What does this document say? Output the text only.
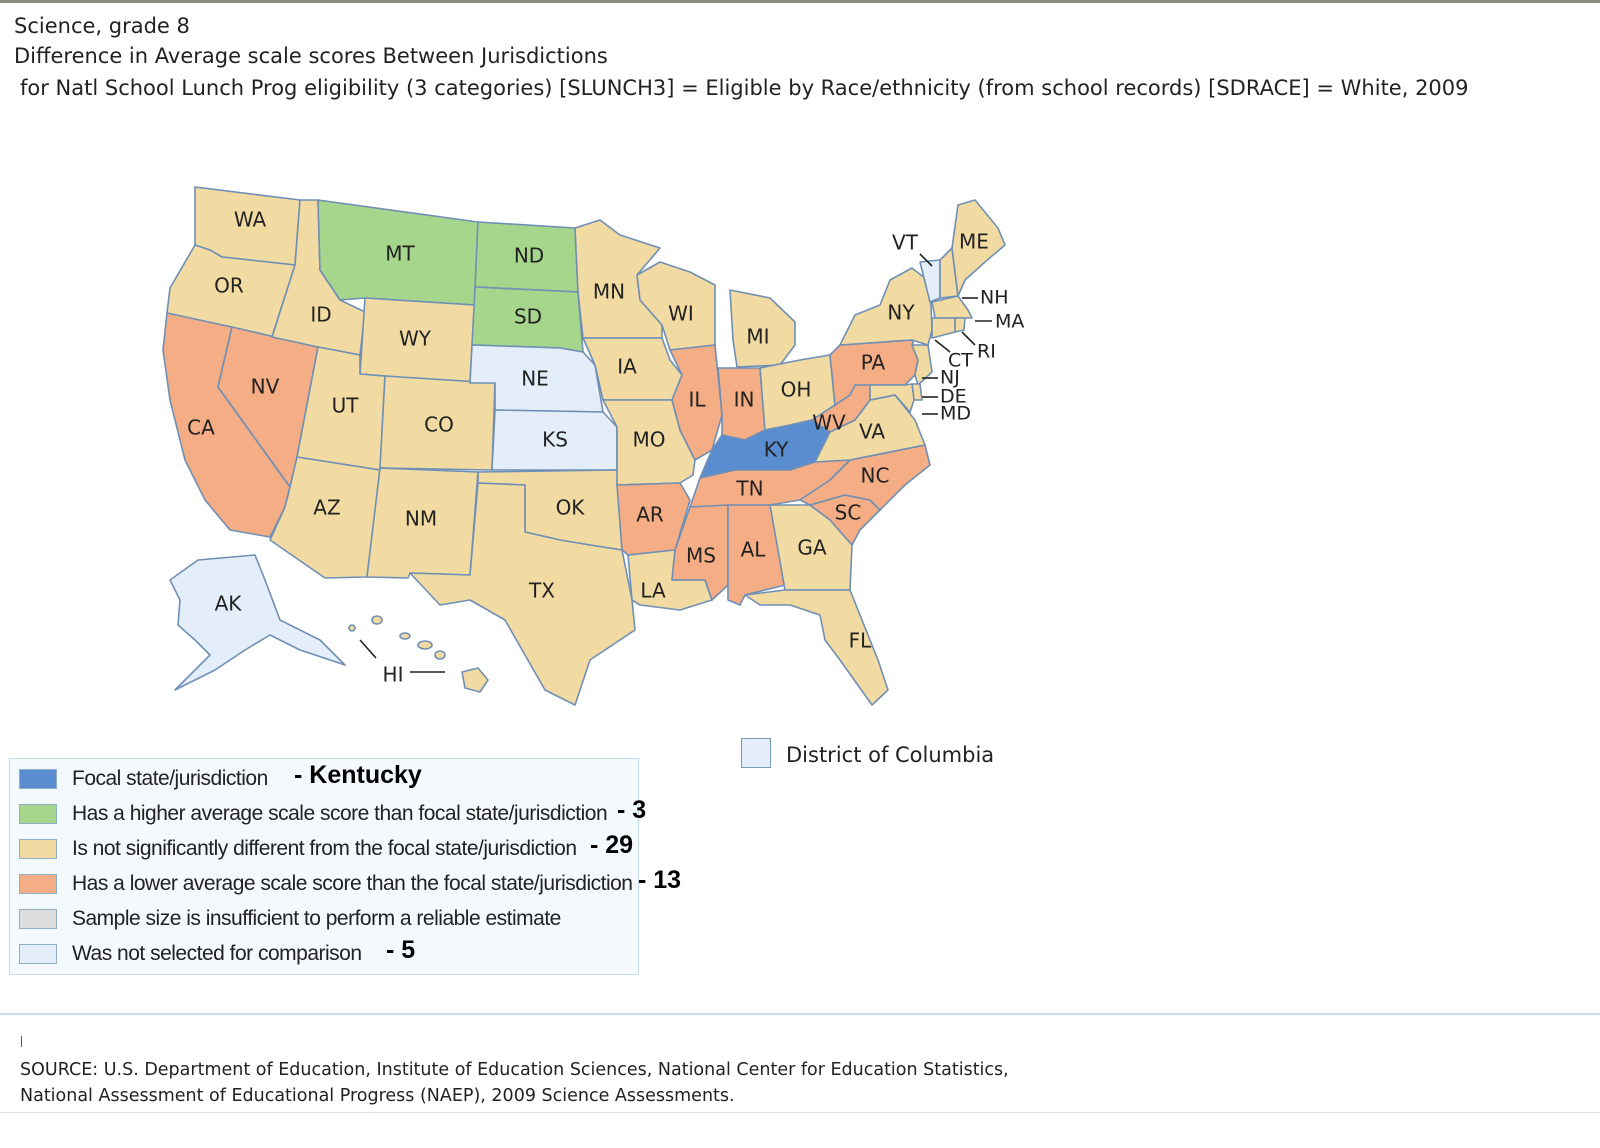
Science, grade 8
Difference in Average scale scores Between Jurisdictions
for Natl School Lunch Prog eligibility (3 categories) [SLUNCH3] = Eligible by Race/ethnicity (from school records) [SDRACE] = White, 2009
WA
OR
CA
NV
ID
MT
WY
UT
CO
AZ	NM
ND
SD
NE
KS
OK
TX
MN
IA
MO
AR
LA
WI
IL
MI
IN OH
KY
TN
MS AL GA
FL
SC
NC
VA
WV
PA
NY
AK
VT ME
NH
MA
RI
CT
NJ
DE
MD
HI
Focal state/jurisdiction - Kentucky
Has a higher average scale score than focal state/jurisdiction - 3
Is not significantly different from the focal state/jurisdiction - 29
Has a lower average scale score than the focal state/jurisdiction - 13
Sample size is insufficient to perform a reliable estimate
Was not selected for comparison - 5
District of Columbia
SOURCE: U.S. Department of Education, Institute of Education Sciences, National Center for Education Statistics,
National Assessment of Educational Progress (NAEP), 2009 Science Assessments.
